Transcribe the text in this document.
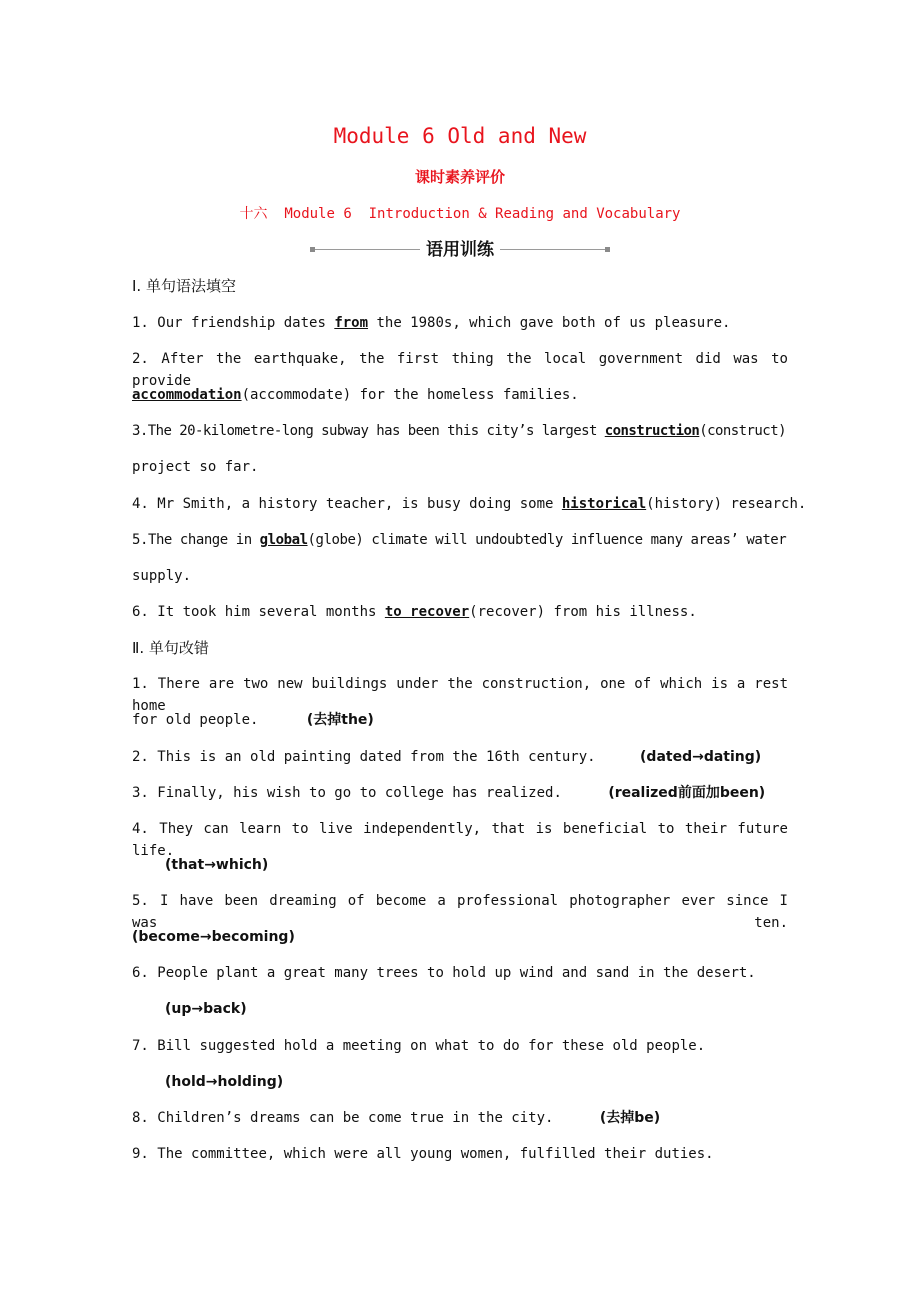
Module 6 Old and New
课时素养评价
十六  Module 6  Introduction & Reading and Vocabulary
语用训练
Ⅰ. 单句语法填空
1. Our friendship dates from the 1980s, which gave both of us pleasure.
2. After the earthquake, the first thing the local government did was to provide
accommodation(accommodate) for the homeless families.
3.The 20-kilometre-long subway has been this city’s largest construction(construct)
project so far.
4. Mr Smith, a history teacher, is busy doing some historical(history) research.
5.The change in global(globe) climate will undoubtedly influence many areas’ water
supply.
6. It took him several months to recover(recover) from his illness.
Ⅱ. 单句改错
1. There are two new buildings under the construction, one of which is a rest home
for old people.	(去掉the)
2. This is an old painting dated from the 16th century.	(dated→dating)
3. Finally, his wish to go to college has realized.	(realized前面加been)
4. They can learn to live independently, that is beneficial to their future life.
(that→which)
5. I have been dreaming of become a professional photographer ever since I was ten.
(become→becoming)
6. People plant a great many trees to hold up wind and sand in the desert.
(up→back)
7. Bill suggested hold a meeting on what to do for these old people.
(hold→holding)
8. Children’s dreams can be come true in the city.	(去掉be)
9. The committee, which were all young women, fulfilled their duties.
